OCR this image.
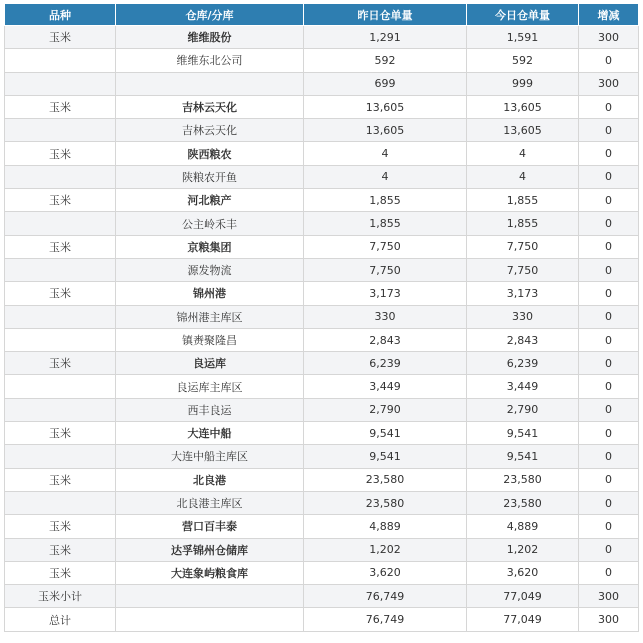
品种	仓库/分库	昨日仓单量	今日仓单量	增减
玉米	维维股份	1,291	1,591	300
	维维东北公司	592	592	0
		699	999	300
玉米	吉林云天化	13,605	13,605	0
	吉林云天化	13,605	13,605	0
玉米	陕西粮农	4	4	0
	陕粮农开鱼	4	4	0
玉米	河北粮产	1,855	1,855	0
	公主岭禾丰	1,855	1,855	0
玉米	京粮集团	7,750	7,750	0
	源发物流	7,750	7,750	0
玉米	锦州港	3,173	3,173	0
	锦州港主库区	330	330	0
	镇赉聚隆昌	2,843	2,843	0
玉米	良运库	6,239	6,239	0
	良运库主库区	3,449	3,449	0
	西丰良运	2,790	2,790	0
玉米	大连中船	9,541	9,541	0
	大连中船主库区	9,541	9,541	0
玉米	北良港	23,580	23,580	0
	北良港主库区	23,580	23,580	0
玉米	营口百丰泰	4,889	4,889	0
玉米	达孚锦州仓储库	1,202	1,202	0
玉米	大连象屿粮食库	3,620	3,620	0
玉米小计		76,749	77,049	300
总计		76,749	77,049	300
